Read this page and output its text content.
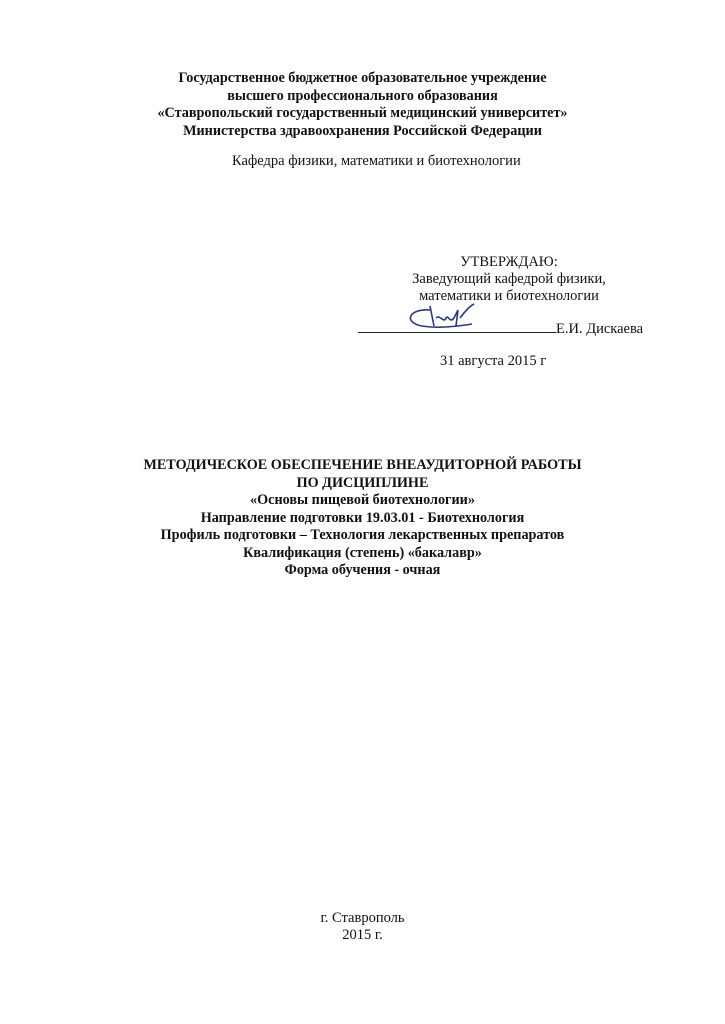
Государственное бюджетное образовательное учреждение
высшего профессионального образования
«Ставропольский государственный медицинский университет»
Министерства здравоохранения Российской Федерации
Кафедра физики, математики и биотехнологии
УТВЕРЖДАЮ:
Заведующий кафедрой физики,
математики и биотехнологии
Е.И. Дискаева
31 августа 2015 г
МЕТОДИЧЕСКОЕ ОБЕСПЕЧЕНИЕ ВНЕАУДИТОРНОЙ РАБОТЫ
ПО ДИСЦИПЛИНЕ
«Основы пищевой биотехнологии»
Направление подготовки 19.03.01 - Биотехнология
Профиль подготовки – Технология лекарственных препаратов
Квалификация (степень) «бакалавр»
Форма обучения - очная
г. Ставрополь
2015 г.
